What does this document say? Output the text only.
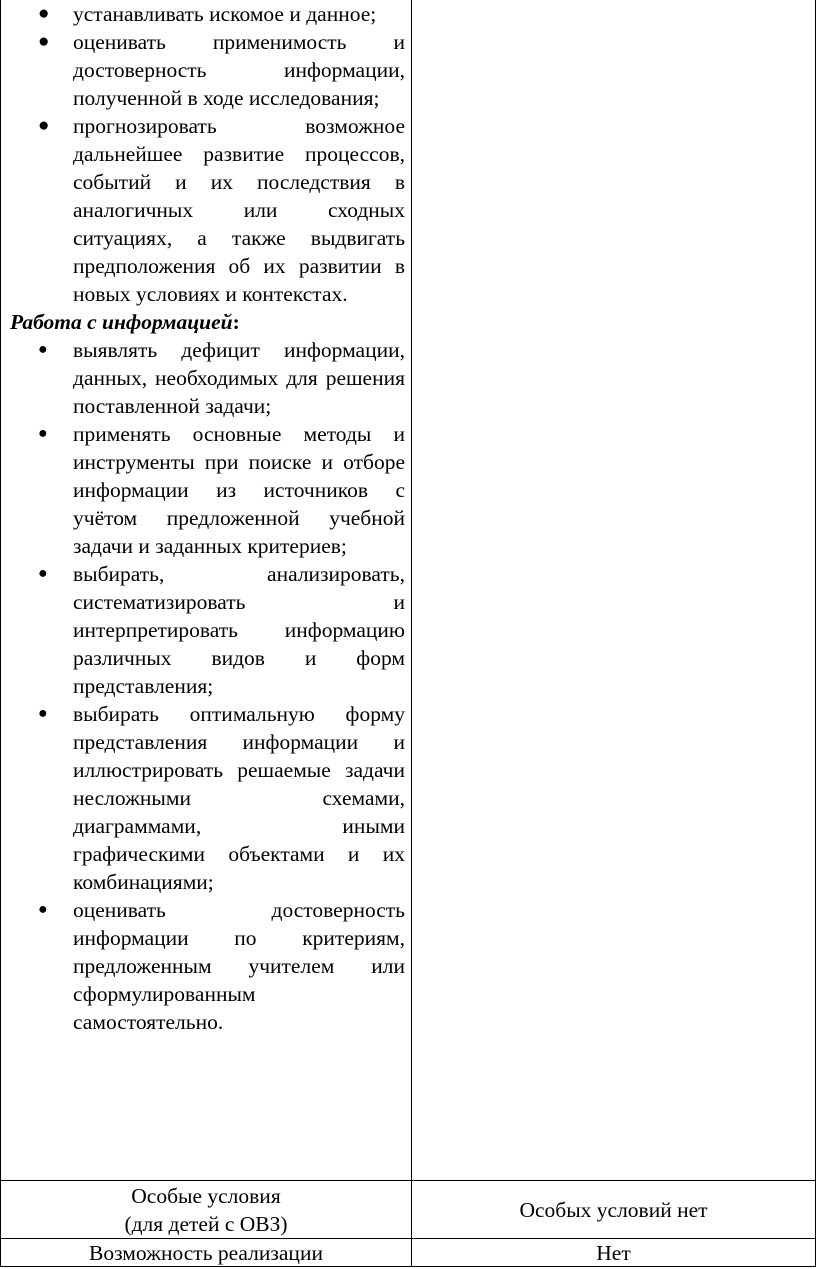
● устанавливать искомое и данное;
● оценивать применимость и достоверность информации, полученной в ходе исследования;
● прогнозировать возможное дальнейшее развитие процессов, событий и их последствия в аналогичных или сходных ситуациях, а также выдвигать предположения об их развитии в новых условиях и контекстах.
Работа с информацией:
● выявлять дефицит информации, данных, необходимых для решения поставленной задачи;
● применять основные методы и инструменты при поиске и отборе информации из источников с учётом предложенной учебной задачи и заданных критериев;
● выбирать, анализировать, систематизировать и интерпретировать информацию различных видов и форм представления;
● выбирать оптимальную форму представления информации и иллюстрировать решаемые задачи несложными схемами, диаграммами, иными графическими объектами и их комбинациями;
● оценивать достоверность информации по критериям, предложенным учителем или сформулированным самостоятельно.
Особые условия
(для детей с ОВЗ)
Особых условий нет
Возможность реализации	Нет
